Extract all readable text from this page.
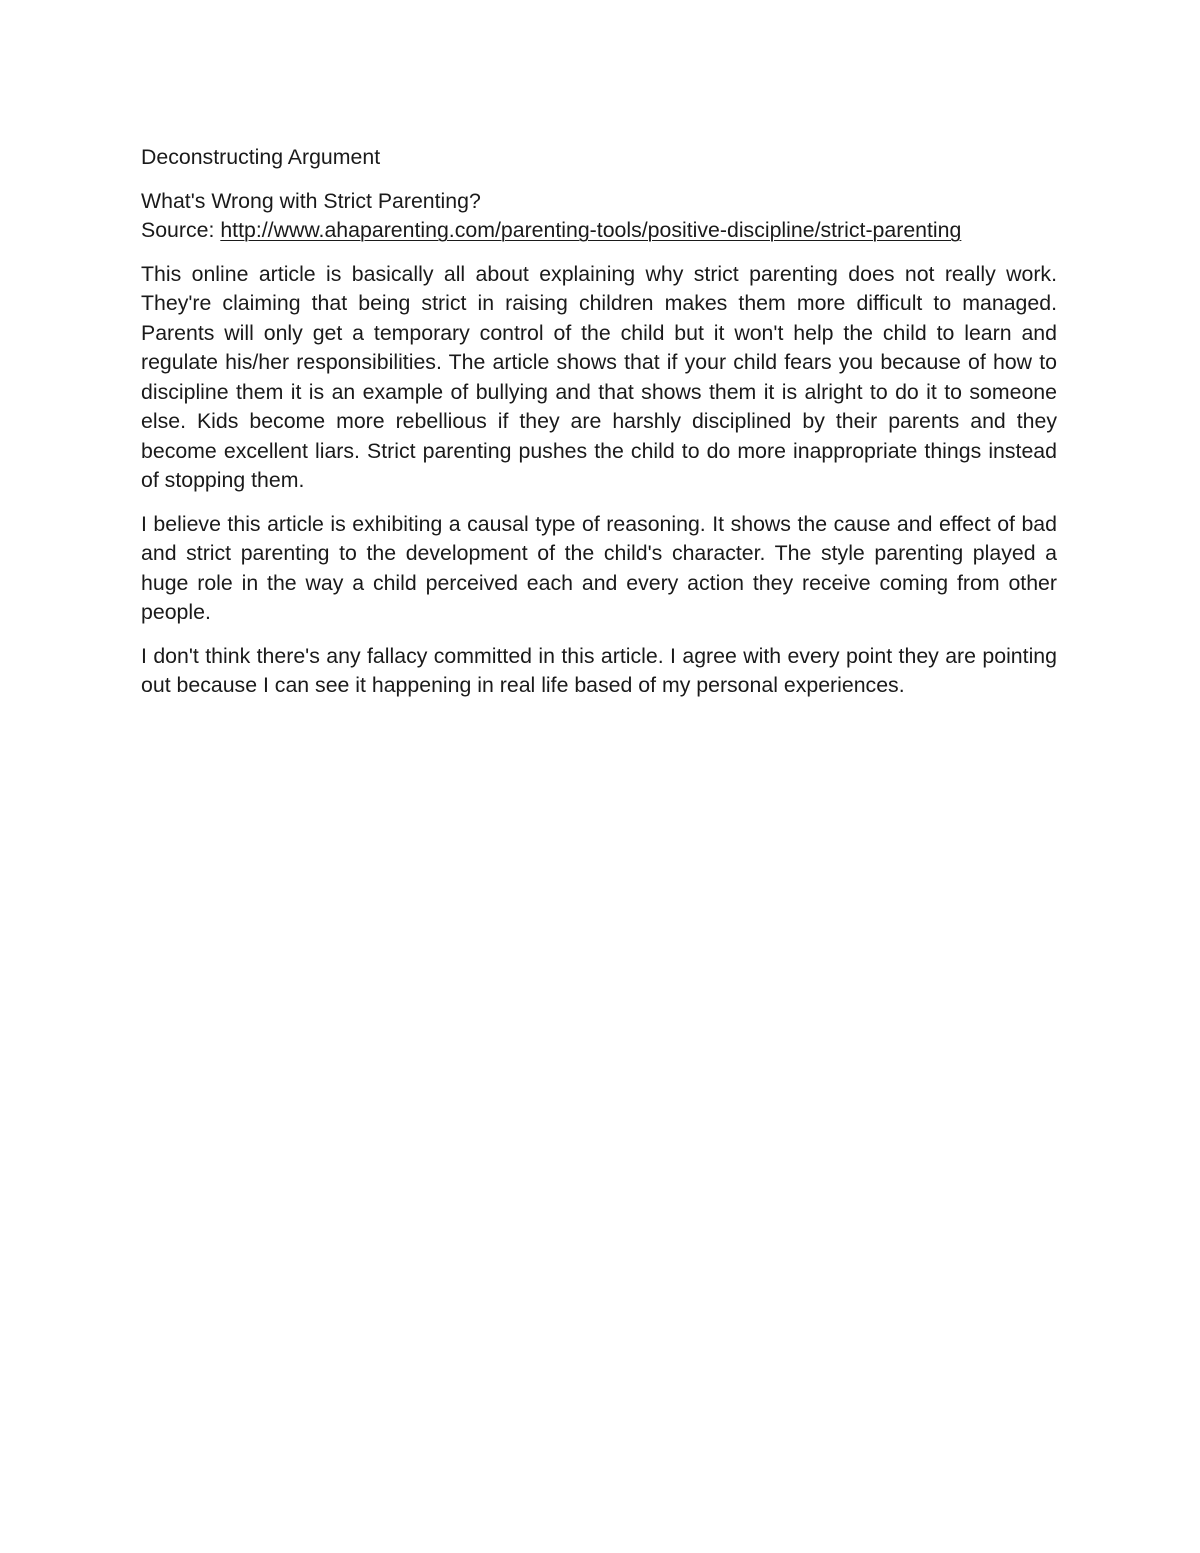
Deconstructing Argument

What's Wrong with Strict Parenting?

Source: http://www.ahaparenting.com/parenting-tools/positive-discipline/strict-parenting

This online article is basically all about explaining why strict parenting does not really work. They're claiming that being strict in raising children makes them more difficult to managed. Parents will only get a temporary control of the child but it won't help the child to learn and regulate his/her responsibilities. The article shows that if your child fears you because of how to discipline them it is an example of bullying and that shows them it is alright to do it to someone else. Kids become more rebellious if they are harshly disciplined by their parents and they become excellent liars. Strict parenting pushes the child to do more inappropriate things instead of stopping them.

I believe this article is exhibiting a causal type of reasoning. It shows the cause and effect of bad and strict parenting to the development of the child's character. The style parenting played a huge role in the way a child perceived each and every action they receive coming from other people.

I don't think there's any fallacy committed in this article. I agree with every point they are pointing out because I can see it happening in real life based of my personal experiences.
